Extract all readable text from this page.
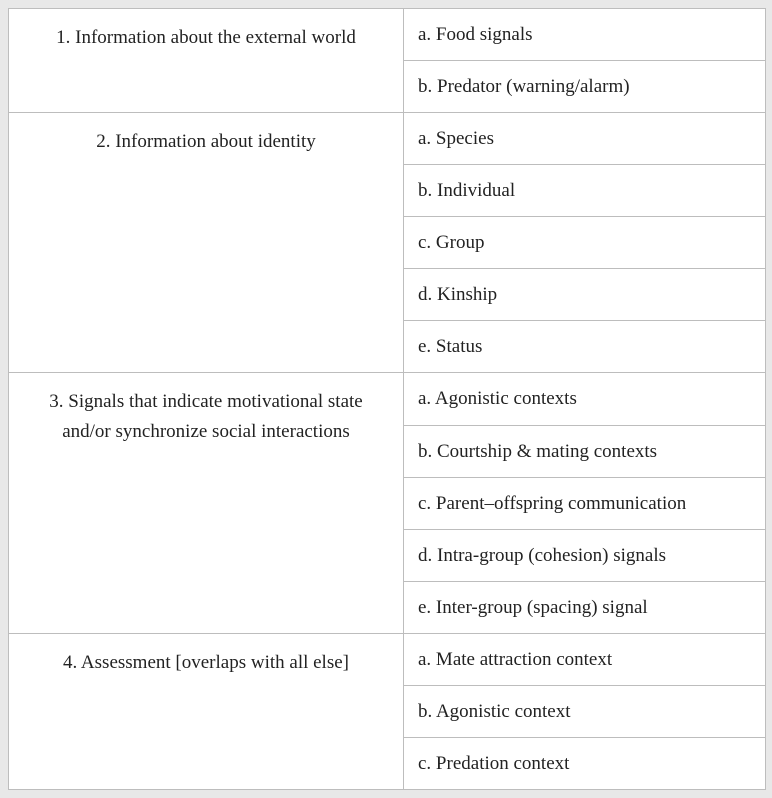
1. Information about the external world	a. Food signals
	b. Predator (warning/alarm)
2. Information about identity	a. Species
	b. Individual
	c. Group
	d. Kinship
	e. Status
3. Signals that indicate motivational state and/or synchronize social interactions	a. Agonistic contexts
	b. Courtship & mating contexts
	c. Parent–offspring communication
	d. Intra-group (cohesion) signals
	e. Inter-group (spacing) signal
4. Assessment [overlaps with all else]	a. Mate attraction context
	b. Agonistic context
	c. Predation context
